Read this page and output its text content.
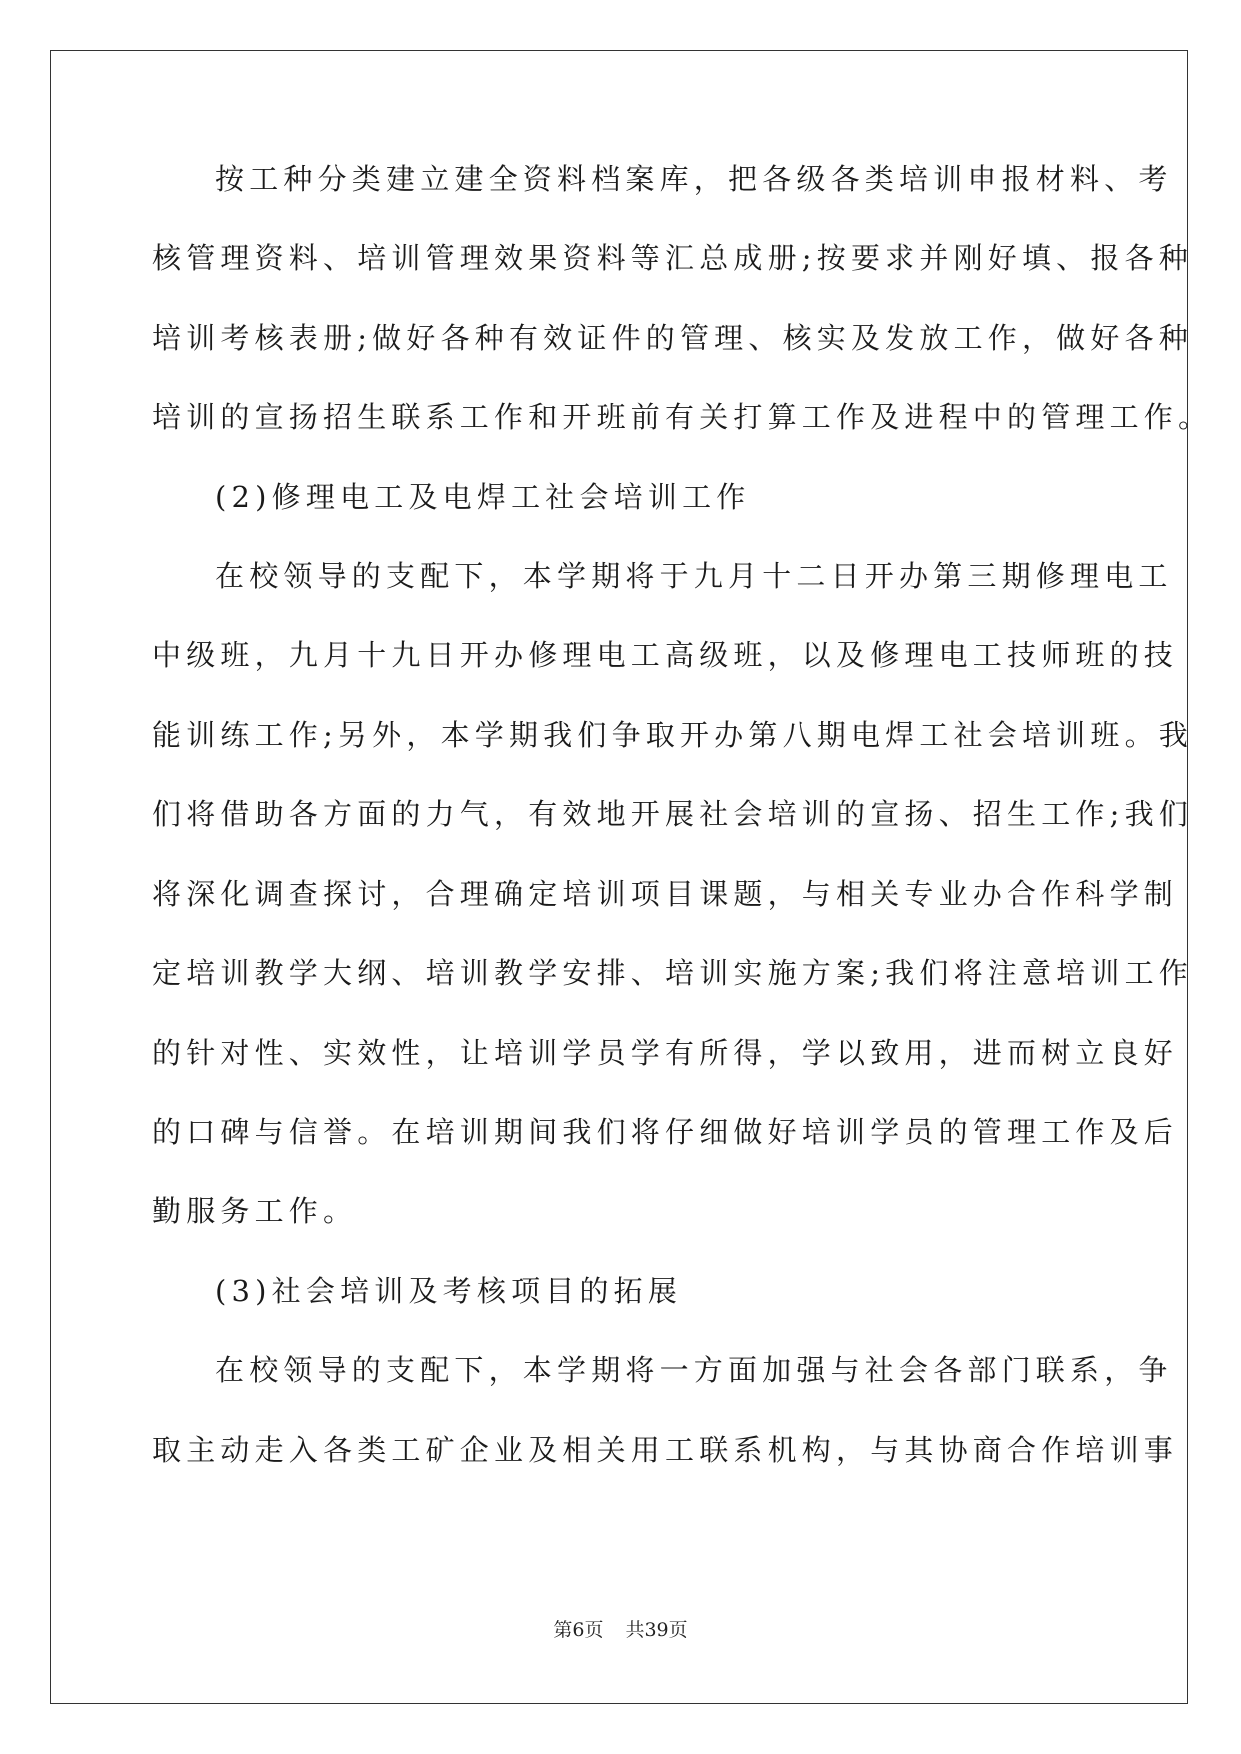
按工种分类建立建全资料档案库，把各级各类培训申报材料、考
核管理资料、培训管理效果资料等汇总成册;按要求并刚好填、报各种
培训考核表册;做好各种有效证件的管理、核实及发放工作，做好各种
培训的宣扬招生联系工作和开班前有关打算工作及进程中的管理工作。
(2)修理电工及电焊工社会培训工作
在校领导的支配下，本学期将于九月十二日开办第三期修理电工
中级班，九月十九日开办修理电工高级班，以及修理电工技师班的技
能训练工作;另外，本学期我们争取开办第八期电焊工社会培训班。我
们将借助各方面的力气，有效地开展社会培训的宣扬、招生工作;我们
将深化调查探讨，合理确定培训项目课题，与相关专业办合作科学制
定培训教学大纲、培训教学安排、培训实施方案;我们将注意培训工作
的针对性、实效性，让培训学员学有所得，学以致用，进而树立良好
的口碑与信誉。在培训期间我们将仔细做好培训学员的管理工作及后
勤服务工作。
(3)社会培训及考核项目的拓展
在校领导的支配下，本学期将一方面加强与社会各部门联系，争
取主动走入各类工矿企业及相关用工联系机构，与其协商合作培训事
第6页 共39页
